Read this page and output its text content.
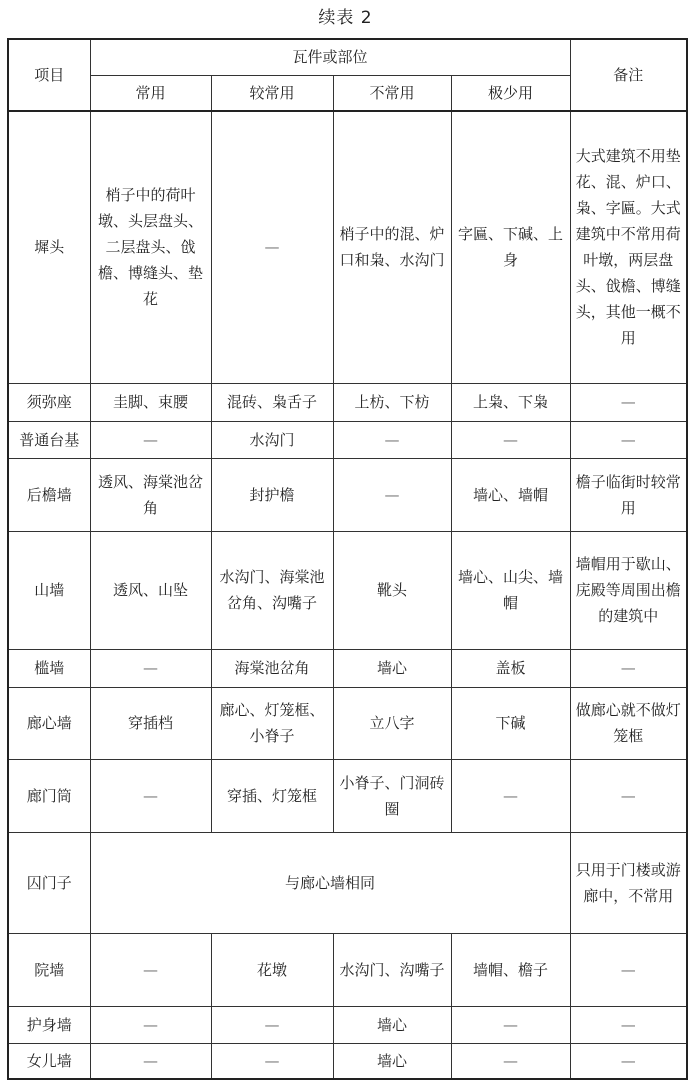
续表 2
项目	瓦件或部位				备注
	常用	较常用	不常用	极少用	
墀头	梢子中的荷叶墩、头层盘头、二层盘头、戗檐、博缝头、垫花	—	梢子中的混、炉口和枭、水沟门	字匾、下碱、上身	大式建筑不用垫花、混、炉口、枭、字匾。大式建筑中不常用荷叶墩，两层盘头、戗檐、博缝头，其他一概不用
须弥座	圭脚、束腰	混砖、枭舌子	上枋、下枋	上枭、下枭	—
普通台基	—	水沟门	—	—	—
后檐墙	透风、海棠池岔角	封护檐	—	墙心、墙帽	檐子临街时较常用
山墙	透风、山坠	水沟门、海棠池岔角、沟嘴子	靴头	墙心、山尖、墙帽	墙帽用于歇山、庑殿等周围出檐的建筑中
槛墙	—	海棠池岔角	墙心	盖板	—
廊心墙	穿插档	廊心、灯笼框、小脊子	立八字	下碱	做廊心就不做灯笼框
廊门筒	—	穿插、灯笼框	小脊子、门洞砖圈	—	—
囚门子	与廊心墙相同				只用于门楼或游廊中，不常用
院墙	—	花墩	水沟门、沟嘴子	墙帽、檐子	—
护身墙	—	—	墙心	—	—
女儿墙	—	—	墙心	—	—
